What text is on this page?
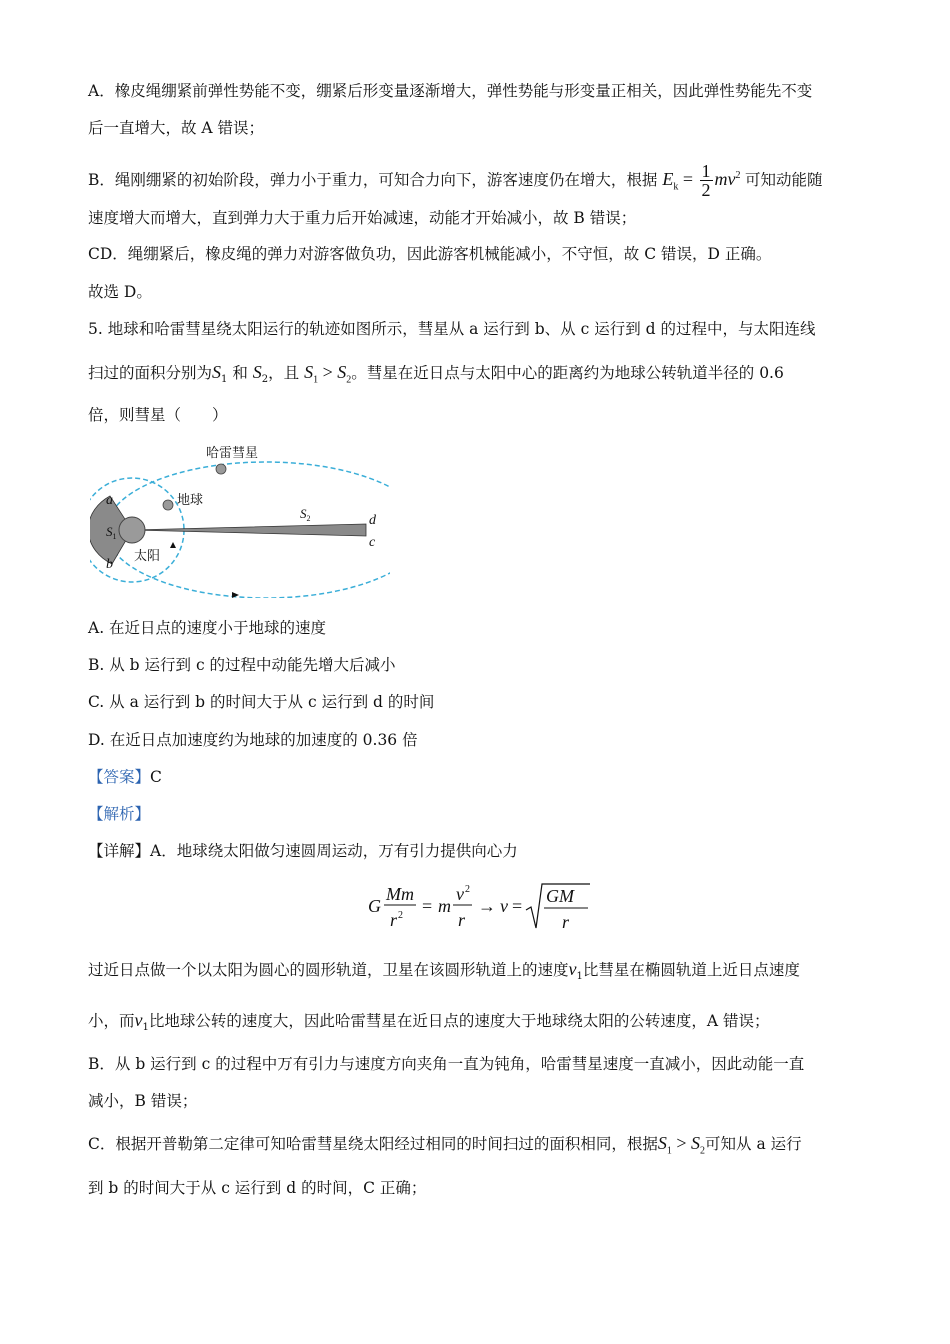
A．橡皮绳绷紧前弹性势能不变，绷紧后形变量逐渐增大，弹性势能与形变量正相关，因此弹性势能先不变
后一直增大，故 A 错误；
B．绳刚绷紧的初始阶段，弹力小于重力，可知合力向下，游客速度仍在增大，根据 $E_k = \frac{1}{2} mv^2$ 可知动能随
速度增大而增大，直到弹力大于重力后开始减速，动能才开始减小，故 B 错误；
CD．绳绷紧后，橡皮绳的弹力对游客做负功，因此游客机械能减小，不守恒，故 C 错误，D 正确。
故选 D。
5. 地球和哈雷彗星绕太阳运行的轨迹如图所示，彗星从 a 运行到 b、从 c 运行到 d 的过程中，与太阳连线
扫过的面积分别为$S_1$ 和 $S_2$，且 $S_1 > S_2$。彗星在近日点与太阳中心的距离约为地球公转轨道半径的 0.6
倍，则彗星（　　）
哈雷彗星
地球
太阳
a
b
d
c
$S_1$
$S_2$
A. 在近日点的速度小于地球的速度
B. 从 b 运行到 c 的过程中动能先增大后减小
C. 从 a 运行到 b 的时间大于从 c 运行到 d 的时间
D. 在近日点加速度约为地球的加速度的 0.36 倍
【答案】C
【解析】
【详解】A．地球绕太阳做匀速圆周运动，万有引力提供向心力
G
Mm
r 2 = m
v 2
r
→ v = GM
r
过近日点做一个以太阳为圆心的圆形轨道，卫星在该圆形轨道上的速度$v_1$比彗星在椭圆轨道上近日点速度
小，而$v_1$比地球公转的速度大，因此哈雷彗星在近日点的速度大于地球绕太阳的公转速度，A 错误；
B．从 b 运行到 c 的过程中万有引力与速度方向夹角一直为钝角，哈雷彗星速度一直减小，因此动能一直
减小，B 错误；
C．根据开普勒第二定律可知哈雷彗星绕太阳经过相同的时间扫过的面积相同，根据$S_1 > S_2$可知从 a 运行
到 b 的时间大于从 c 运行到 d 的时间，C 正确；
